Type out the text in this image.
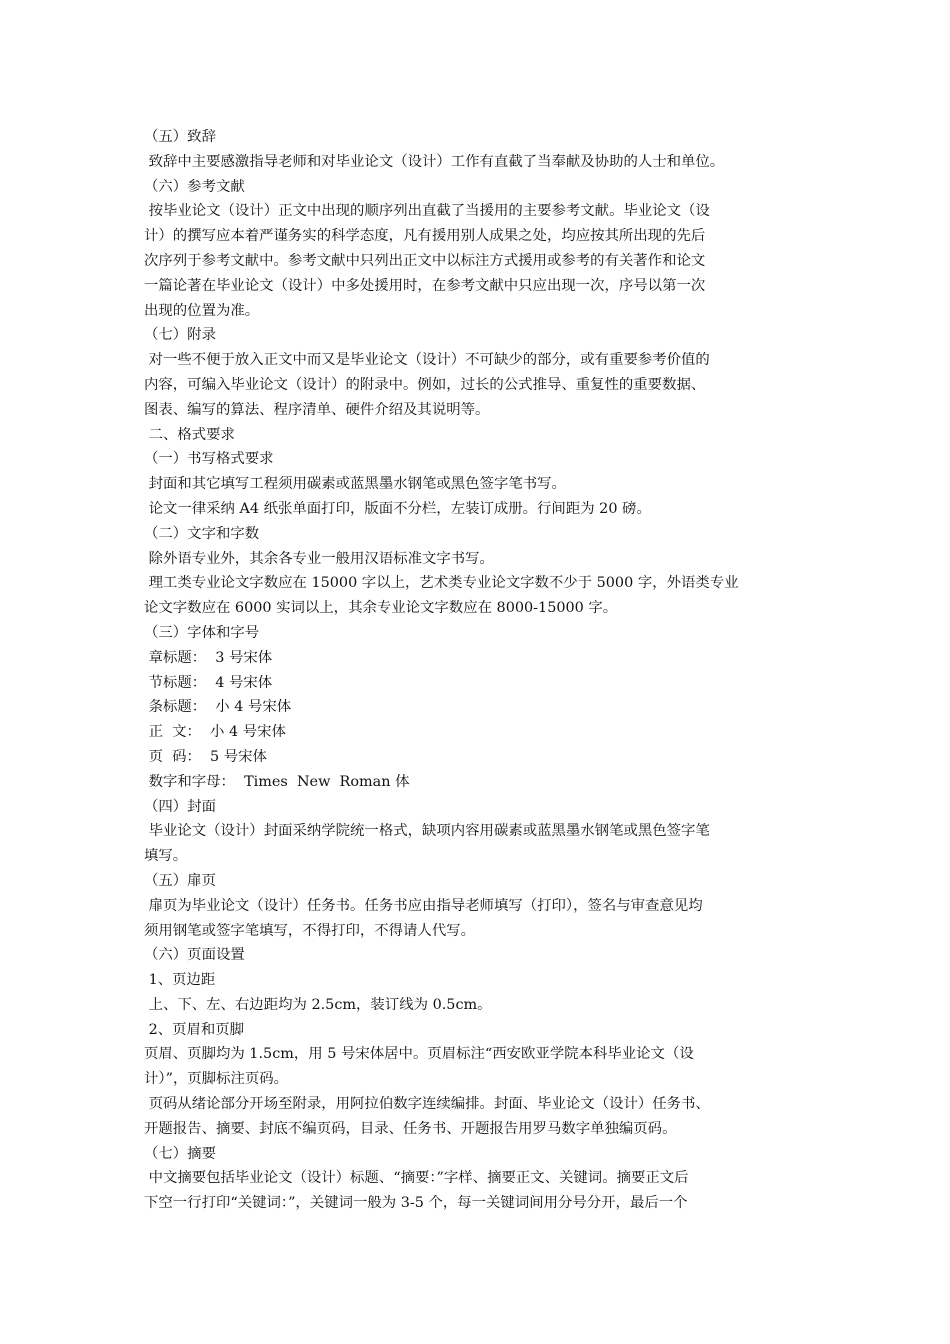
（五）致辞
致辞中主要感激指导老师和对毕业论文（设计）工作有直截了当奉献及协助的人士和单位。
（六）参考文献
按毕业论文（设计）正文中出现的顺序列出直截了当援用的主要参考文献。毕业论文（设
计）的撰写应本着严谨务实的科学态度，凡有援用别人成果之处，均应按其所出现的先后
次序列于参考文献中。参考文献中只列出正文中以标注方式援用或参考的有关著作和论文
一篇论著在毕业论文（设计）中多处援用时，在参考文献中只应出现一次，序号以第一次
出现的位置为准。
（七）附录
对一些不便于放入正文中而又是毕业论文（设计）不可缺少的部分，或有重要参考价值的
内容，可编入毕业论文（设计）的附录中。例如，过长的公式推导、重复性的重要数据、
图表、编写的算法、程序清单、硬件介绍及其说明等。
二、格式要求
（一）书写格式要求
封面和其它填写工程须用碳素或蓝黑墨水钢笔或黑色签字笔书写。
论文一律采纳 A4 纸张单面打印，版面不分栏，左装订成册。行间距为 20 磅。
（二）文字和字数
除外语专业外，其余各专业一般用汉语标准文字书写。
理工类专业论文字数应在 15000 字以上，艺术类专业论文字数不少于 5000 字，外语类专业
论文字数应在 6000 实词以上，其余专业论文字数应在 8000-15000 字。
（三）字体和字号
章标题：  3 号宋体
节标题：  4 号宋体
条标题：  小 4 号宋体
正  文：  小 4 号宋体
页  码：  5 号宋体
数字和字母：  Times  New  Roman 体
（四）封面
毕业论文（设计）封面采纳学院统一格式，缺项内容用碳素或蓝黑墨水钢笔或黑色签字笔
填写。
（五）扉页
扉页为毕业论文（设计）任务书。任务书应由指导老师填写（打印），签名与审查意见均
须用钢笔或签字笔填写，不得打印，不得请人代写。
（六）页面设置
1、页边距
上、下、左、右边距均为 2.5cm，装订线为 0.5cm。
2、页眉和页脚
页眉、页脚均为 1.5cm，用 5 号宋体居中。页眉标注“西安欧亚学院本科毕业论文（设
计）”，页脚标注页码。
页码从绪论部分开场至附录，用阿拉伯数字连续编排。封面、毕业论文（设计）任务书、
开题报告、摘要、封底不编页码，目录、任务书、开题报告用罗马数字单独编页码。
（七）摘要
中文摘要包括毕业论文（设计）标题、“摘要：”字样、摘要正文、关键词。摘要正文后
下空一行打印“关键词：”，关键词一般为 3-5 个，每一关键词间用分号分开，最后一个
